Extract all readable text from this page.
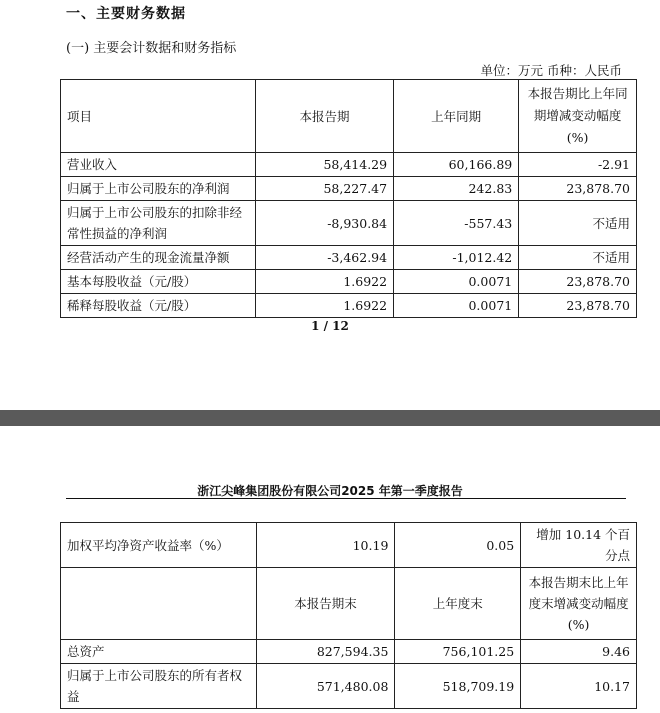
一、主要财务数据
(一) 主要会计数据和财务指标
单位：万元 币种：人民币
项目	本报告期	上年同期	本报告期比上年同期增减变动幅度(%)
营业收入	58,414.29	60,166.89	-2.91
归属于上市公司股东的净利润	58,227.47	242.83	23,878.70
归属于上市公司股东的扣除非经常性损益的净利润	-8,930.84	-557.43	不适用
经营活动产生的现金流量净额	-3,462.94	-1,012.42	不适用
基本每股收益（元/股）	1.6922	0.0071	23,878.70
稀释每股收益（元/股）	1.6922	0.0071	23,878.70
1 / 12
浙江尖峰集团股份有限公司2025 年第一季度报告
加权平均净资产收益率（%）	10.19	0.05	增加 10.14 个百分点
	本报告期末	上年度末	本报告期末比上年度末增减变动幅度(%)
总资产	827,594.35	756,101.25	9.46
归属于上市公司股东的所有者权益	571,480.08	518,709.19	10.17
